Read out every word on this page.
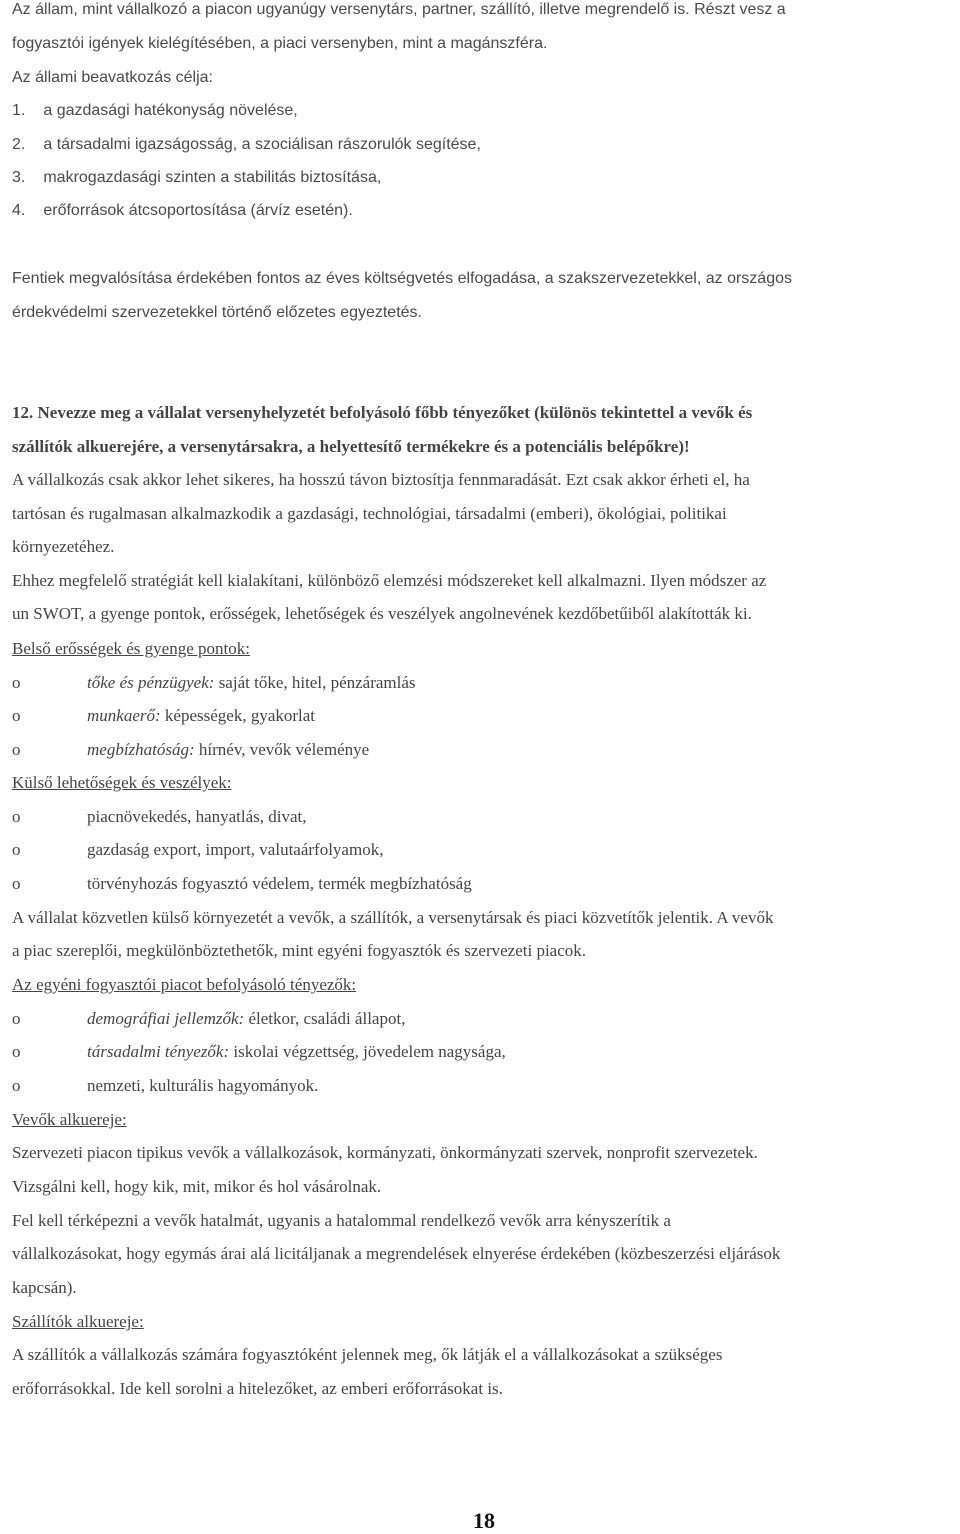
Az állam, mint vállalkozó a piacon ugyanúgy versenytárs, partner, szállító, illetve megrendelő is. Részt vesz a
fogyasztói igények kielégítésében, a piaci versenyben, mint a magánszféra.
Az állami beavatkozás célja:
1. a gazdasági hatékonyság növelése,
2. a társadalmi igazságosság, a szociálisan rászorulók segítése,
3. makrogazdasági szinten a stabilitás biztosítása,
4. erőforrások átcsoportosítása (árvíz esetén).
Fentiek megvalósítása érdekében fontos az éves költségvetés elfogadása, a szakszervezetekkel, az országos
érdekvédelmi szervezetekkel történő előzetes egyeztetés.
12. Nevezze meg a vállalat versenyhelyzetét befolyásoló főbb tényezőket (különös tekintettel a vevők és
szállítók alkuerejére, a versenytársakra, a helyettesítő termékekre és a potenciális belépőkre)!
A vállalkozás csak akkor lehet sikeres, ha hosszú távon biztosítja fennmaradását. Ezt csak akkor érheti el, ha
tartósan és rugalmasan alkalmazkodik a gazdasági, technológiai, társadalmi (emberi), ökológiai, politikai
környezetéhez.
Ehhez megfelelő stratégiát kell kialakítani, különböző elemzési módszereket kell alkalmazni. Ilyen módszer az
un SWOT, a gyenge pontok, erősségek, lehetőségek és veszélyek angolnevének kezdőbetűiből alakították ki.
Belső erősségek és gyenge pontok:
o	tőke és pénzügyek: saját tőke, hitel, pénzáramlás
o	munkaerő: képességek, gyakorlat
o	megbízhatóság: hírnév, vevők véleménye
Külső lehetőségek és veszélyek:
o	piacnövekedés, hanyatlás, divat,
o	gazdaság export, import, valutaárfolyamok,
o	törvényhozás fogyasztó védelem, termék megbízhatóság
A vállalat közvetlen külső környezetét a vevők, a szállítók, a versenytársak és piaci közvetítők jelentik. A vevők
a piac szereplői, megkülönböztethetők, mint egyéni fogyasztók és szervezeti piacok.
Az egyéni fogyasztói piacot befolyásoló tényezők:
o	demográfiai jellemzők: életkor, családi állapot,
o	társadalmi tényezők: iskolai végzettség, jövedelem nagysága,
o	nemzeti, kulturális hagyományok.
Vevők alkuereje:
Szervezeti piacon tipikus vevők a vállalkozások, kormányzati, önkormányzati szervek, nonprofit szervezetek.
Vizsgálni kell, hogy kik, mit, mikor és hol vásárolnak.
Fel kell térképezni a vevők hatalmát, ugyanis a hatalommal rendelkező vevők arra kényszerítik a
vállalkozásokat, hogy egymás árai alá licitáljanak a megrendelések elnyerése érdekében (közbeszerzési eljárások
kapcsán).
Szállítók alkuereje:
A szállítók a vállalkozás számára fogyasztóként jelennek meg, ők látják el a vállalkozásokat a szükséges
erőforrásokkal. Ide kell sorolni a hitelezőket, az emberi erőforrásokat is.
18
